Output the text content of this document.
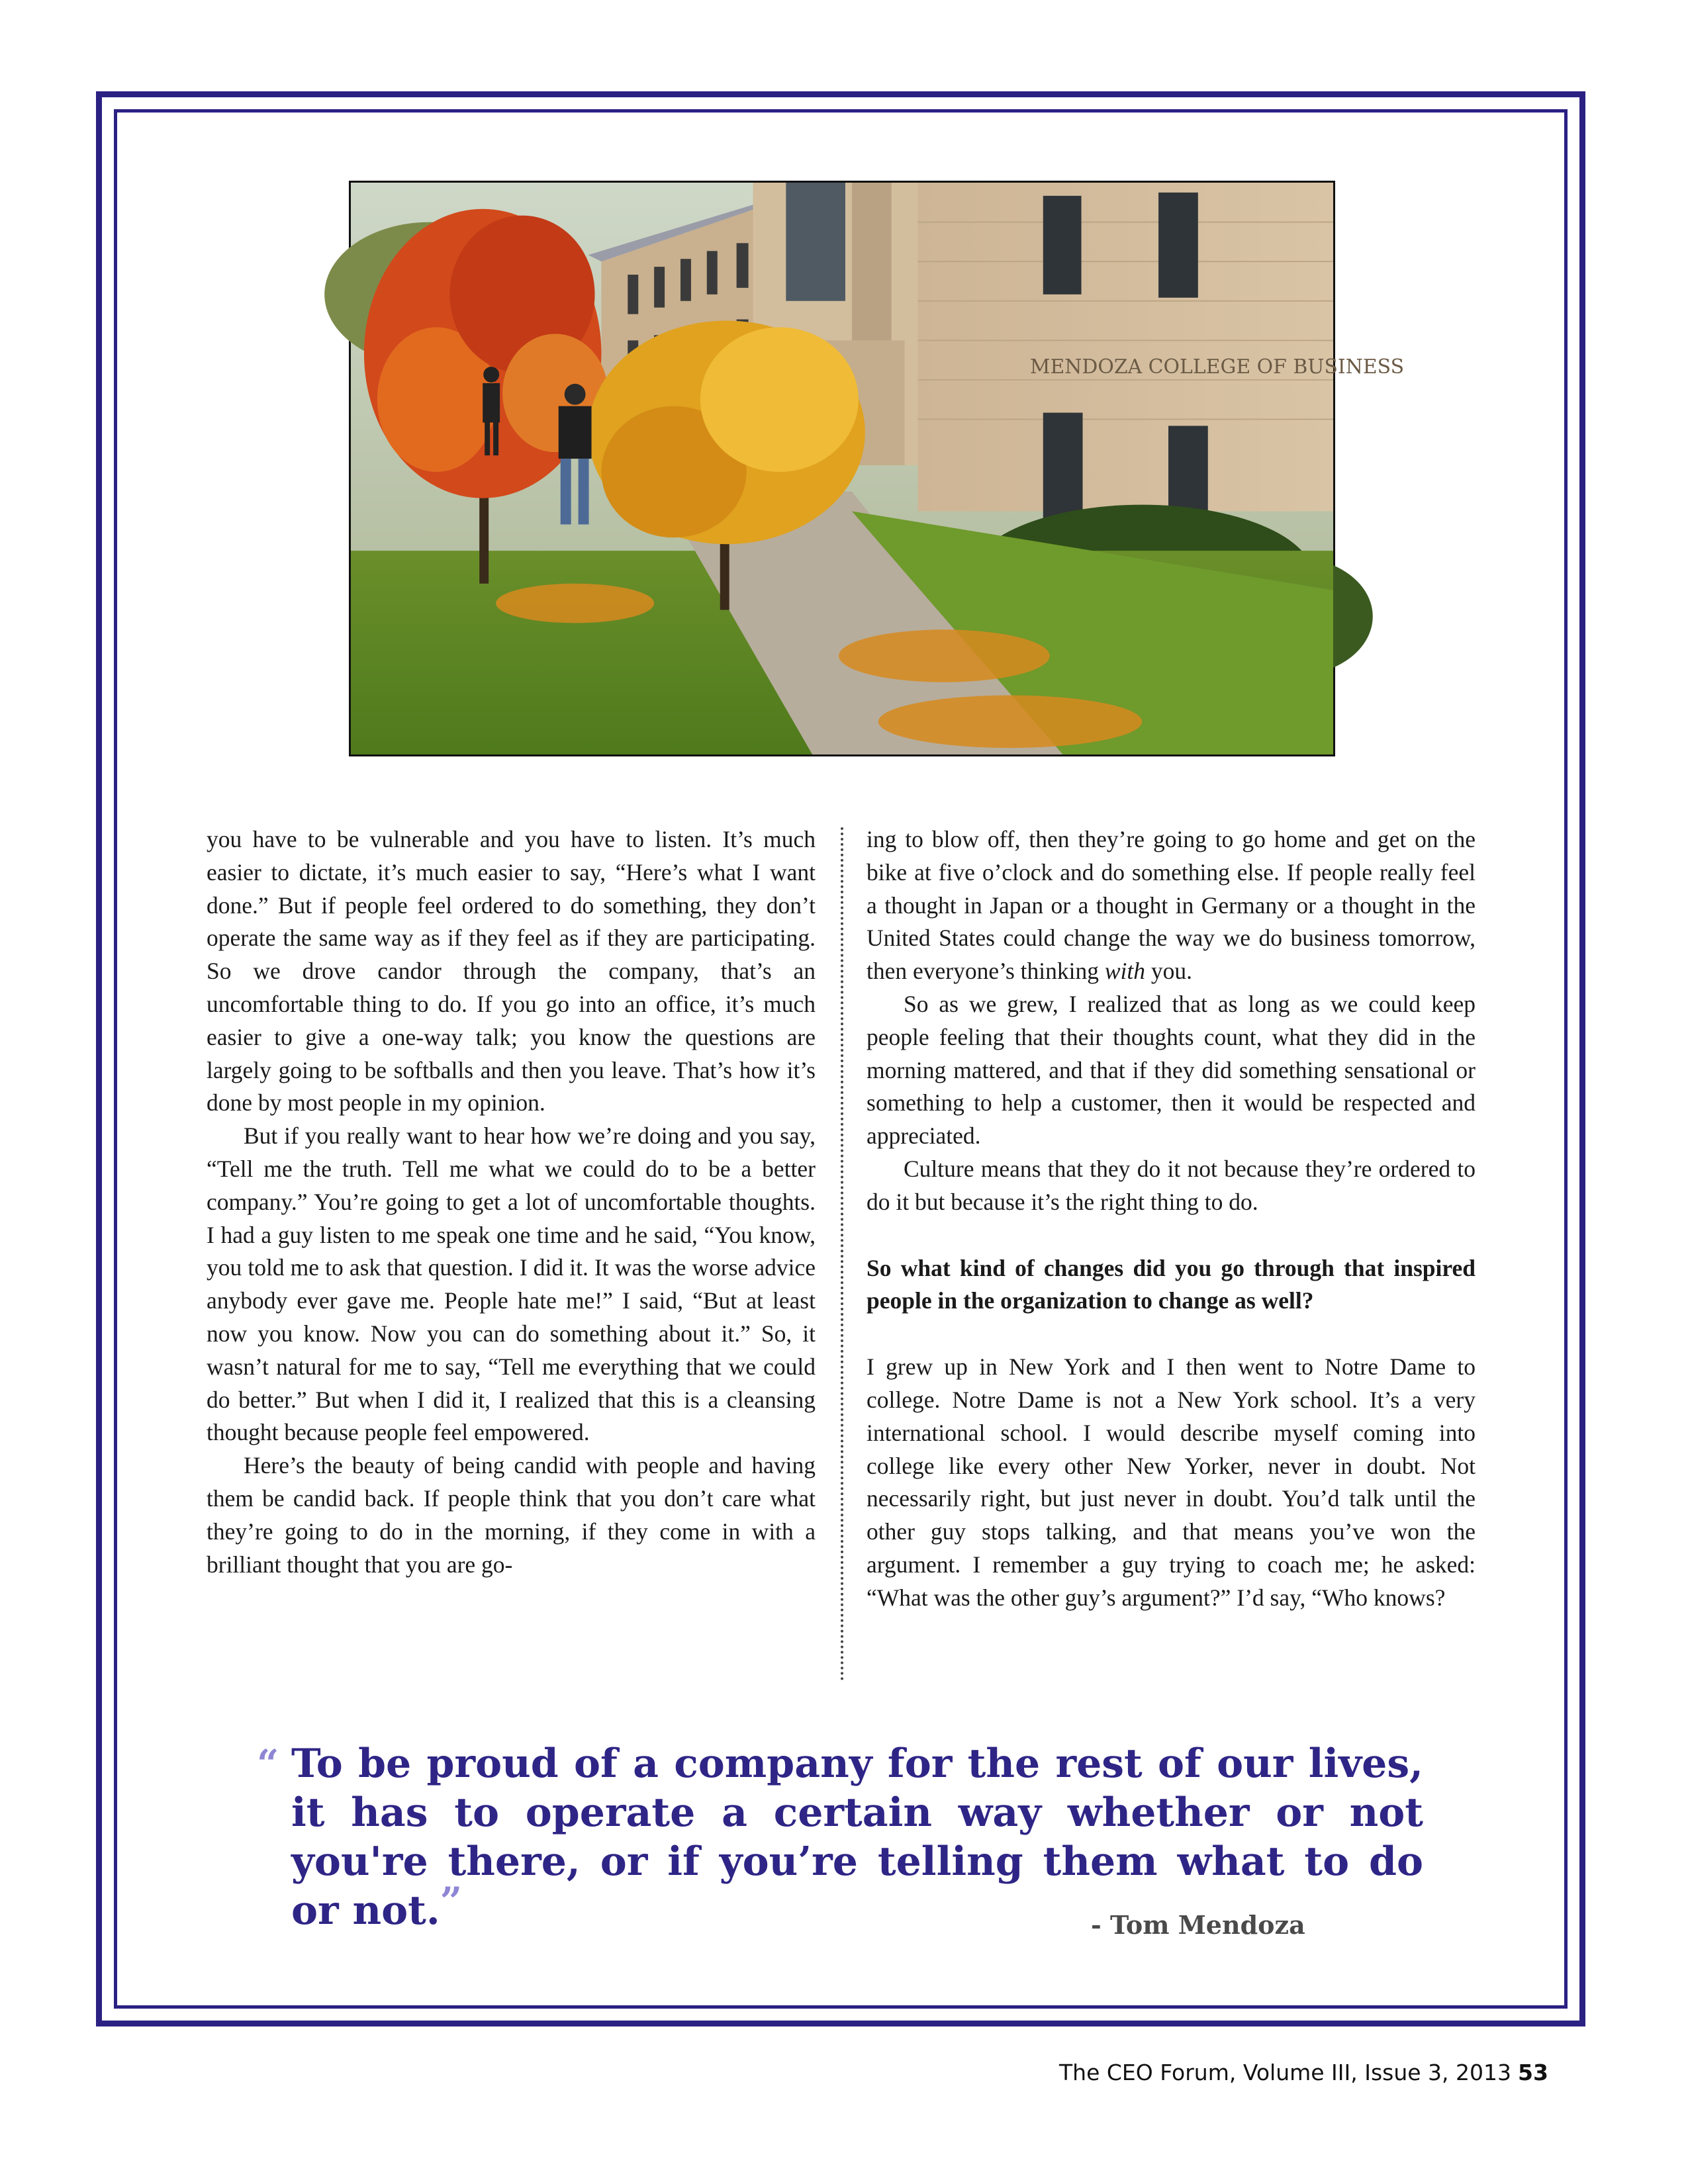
MENDOZA COLLEGE OF BUSINESS

you have to be vulnerable and you have to listen. It’s much easier to dictate, it’s much easier to say, “Here’s what I want done.” But if people feel ordered to do something, they don’t operate the same way as if they feel as if they are participating. So we drove candor through the company, that’s an uncomfortable thing to do. If you go into an office, it’s much easier to give a one-way talk; you know the questions are largely going to be softballs and then you leave. That’s how it’s done by most people in my opinion.

But if you really want to hear how we’re doing and you say, “Tell me the truth. Tell me what we could do to be a better company.” You’re going to get a lot of uncomfortable thoughts. I had a guy listen to me speak one time and he said, “You know, you told me to ask that question. I did it. It was the worse advice anybody ever gave me. People hate me!” I said, “But at least now you know. Now you can do something about it.” So, it wasn’t natural for me to say, “Tell me everything that we could do better.” But when I did it, I realized that this is a cleansing thought because people feel empowered.

Here’s the beauty of being candid with people and having them be candid back. If people think that you don’t care what they’re going to do in the morning, if they come in with a brilliant thought that you are go-

ing to blow off, then they’re going to go home and get on the bike at five o’clock and do something else. If people really feel a thought in Japan or a thought in Germany or a thought in the United States could change the way we do business tomorrow, then everyone’s thinking with you.

So as we grew, I realized that as long as we could keep people feeling that their thoughts count, what they did in the morning mattered, and that if they did something sensational or something to help a customer, then it would be respected and appreciated.

Culture means that they do it not because they’re ordered to do it but because it’s the right thing to do.

So what kind of changes did you go through that inspired people in the organization to change as well?

I grew up in New York and I then went to Notre Dame to college. Notre Dame is not a New York school. It’s a very international school. I would describe myself coming into college like every other New Yorker, never in doubt. Not necessarily right, but just never in doubt. You’d talk until the other guy stops talking, and that means you’ve won the argument. I remember a guy trying to coach me; he asked: “What was the other guy’s argument?” I’d say, “Who knows?

“ To be proud of a company for the rest of our lives, it has to operate a certain way whether or not you're there, or if you’re telling them what to do or not.”
- Tom Mendoza
The CEO Forum, Volume III, Issue 3, 2013 53
